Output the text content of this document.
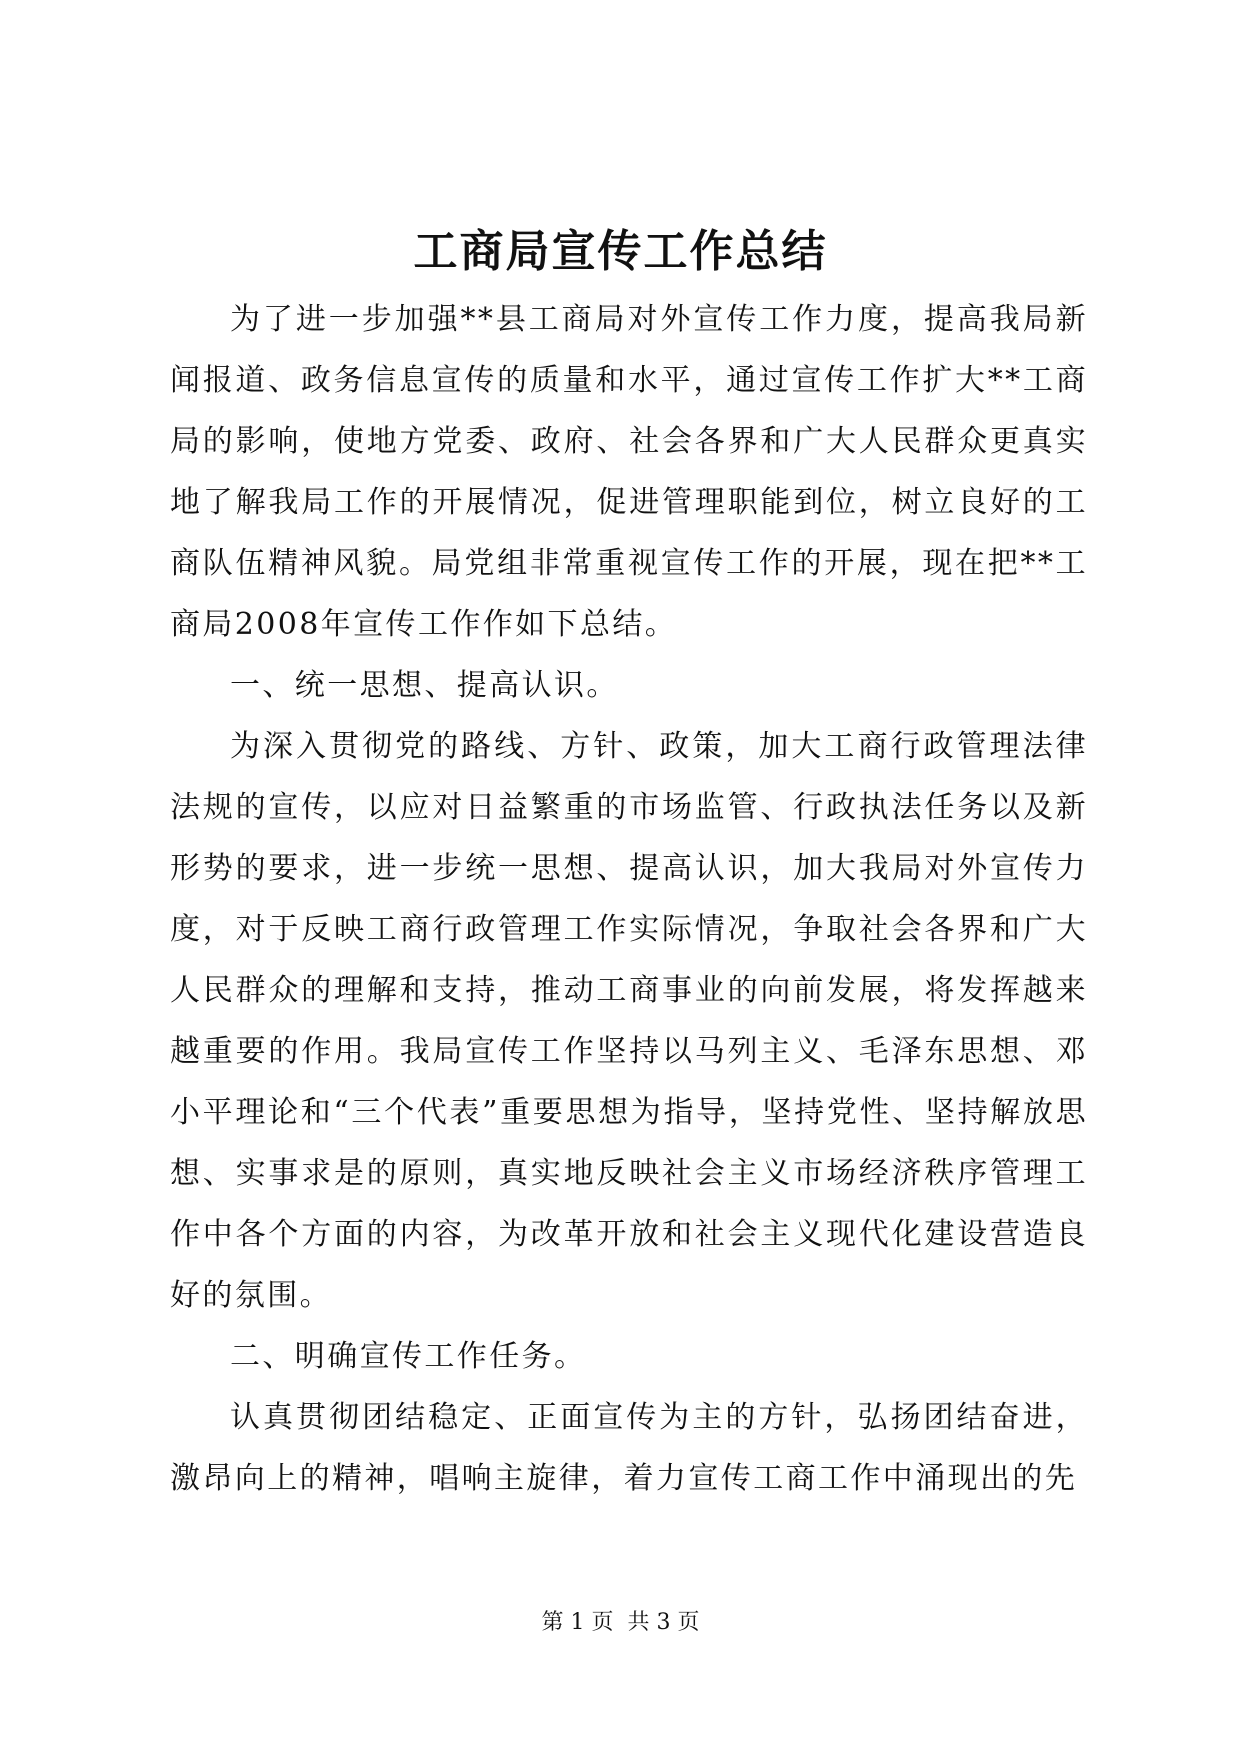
工商局宣传工作总结

为了进一步加强**县工商局对外宣传工作力度，提高我局新闻报道、政务信息宣传的质量和水平，通过宣传工作扩大**工商局的影响，使地方党委、政府、社会各界和广大人民群众更真实地了解我局工作的开展情况，促进管理职能到位，树立良好的工商队伍精神风貌。局党组非常重视宣传工作的开展，现在把**工商局2008年宣传工作作如下总结。

一、统一思想、提高认识。

为深入贯彻党的路线、方针、政策，加大工商行政管理法律法规的宣传，以应对日益繁重的市场监管、行政执法任务以及新形势的要求，进一步统一思想、提高认识，加大我局对外宣传力度，对于反映工商行政管理工作实际情况，争取社会各界和广大人民群众的理解和支持，推动工商事业的向前发展，将发挥越来越重要的作用。我局宣传工作坚持以马列主义、毛泽东思想、邓小平理论和“三个代表”重要思想为指导，坚持党性、坚持解放思想、实事求是的原则，真实地反映社会主义市场经济秩序管理工作中各个方面的内容，为改革开放和社会主义现代化建设营造良好的氛围。

二、明确宣传工作任务。

认真贯彻团结稳定、正面宣传为主的方针，弘扬团结奋进，激昂向上的精神，唱响主旋律，着力宣传工商工作中涌现出的先

第 1 页  共 3 页
